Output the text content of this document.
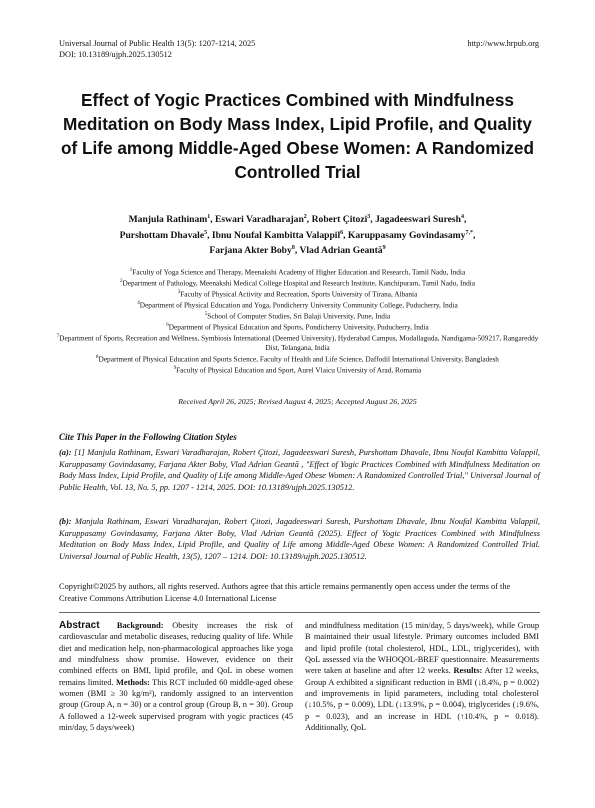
Universal Journal of Public Health 13(5): 1207-1214, 2025
DOI: 10.13189/ujph.2025.130512
http://www.hrpub.org
Effect of Yogic Practices Combined with Mindfulness Meditation on Body Mass Index, Lipid Profile, and Quality of Life among Middle-Aged Obese Women: A Randomized Controlled Trial
Manjula Rathinam$^1$, Eswari Varadharajan$^2$, Robert Çitozi$^3$, Jagadeeswari Suresh$^4$,
Purshottam Dhavale$^5$, Ibnu Noufal Kambitta Valappil$^6$, Karuppasamy Govindasamy$^{7,*}$,
Farjana Akter Boby$^8$, Vlad Adrian Geantă$^9$
$^1$Faculty of Yoga Science and Therapy, Meenakshi Academy of Higher Education and Research, Tamil Nadu, India
$^2$Department of Pathology, Meenakshi Medical College Hospital and Research Institute, Kanchipuram, Tamil Nadu, India
$^3$Faculty of Physical Activity and Recreation, Sports University of Tirana, Albania
$^4$Department of Physical Education and Yoga, Pondicherry University Community College, Puducherry, India
$^5$School of Computer Studies, Sri Balaji University, Pune, India
$^6$Department of Physical Education and Sports, Pondicherry University, Puducherry, India
$^7$Department of Sports, Recreation and Wellness, Symbiosis International (Deemed University), Hyderabad Campus, Modallaguda, Nandigama-509217, Rangareddy Dist, Telangana, India
$^8$Department of Physical Education and Sports Science, Faculty of Health and Life Science, Daffodil International University, Bangladesh
$^9$Faculty of Physical Education and Sport, Aurel Vlaicu University of Arad, Romania
Received April 26, 2025; Revised August 4, 2025; Accepted August 26, 2025
Cite This Paper in the Following Citation Styles
(a): [1] Manjula Rathinam, Eswari Varadharajan, Robert Çitozi, Jagadeeswari Suresh, Purshottam Dhavale, Ibnu Noufal Kambitta Valappil, Karuppasamy Govindasamy, Farjana Akter Boby, Vlad Adrian Geantă , "Effect of Yogic Practices Combined with Mindfulness Meditation on Body Mass Index, Lipid Profile, and Quality of Life among Middle-Aged Obese Women: A Randomized Controlled Trial," Universal Journal of Public Health, Vol. 13, No. 5, pp. 1207 - 1214, 2025. DOI: 10.13189/ujph.2025.130512.
(b): Manjula Rathinam, Eswari Varadharajan, Robert Çitozi, Jagadeeswari Suresh, Purshottam Dhavale, Ibnu Noufal Kambitta Valappil, Karuppasamy Govindasamy, Farjana Akter Boby, Vlad Adrian Geantă (2025). Effect of Yogic Practices Combined with Mindfulness Meditation on Body Mass Index, Lipid Profile, and Quality of Life among Middle-Aged Obese Women: A Randomized Controlled Trial. Universal Journal of Public Health, 13(5), 1207 – 1214. DOI: 10.13189/ujph.2025.130512.
Copyright©2025 by authors, all rights reserved. Authors agree that this article remains permanently open access under the terms of the Creative Commons Attribution License 4.0 International License
Abstract Background: Obesity increases the risk of cardiovascular and metabolic diseases, reducing quality of life. While diet and medication help, non-pharmacological approaches like yoga and mindfulness show promise. However, evidence on their combined effects on BMI, lipid profile, and QoL in obese women remains limited. Methods: This RCT included 60 middle-aged obese women (BMI ≥ 30 kg/m²), randomly assigned to an intervention group (Group A, n = 30) or a control group (Group B, n = 30). Group A followed a 12-week supervised program with yogic practices (45 min/day, 5 days/week)
and mindfulness meditation (15 min/day, 5 days/week), while Group B maintained their usual lifestyle. Primary outcomes included BMI and lipid profile (total cholesterol, HDL, LDL, triglycerides), with QoL assessed via the WHOQOL-BREF questionnaire. Measurements were taken at baseline and after 12 weeks. Results: After 12 weeks, Group A exhibited a significant reduction in BMI (↓8.4%, p = 0.002) and improvements in lipid parameters, including total cholesterol (↓10.5%, p = 0.009), LDL (↓13.9%, p = 0.004), triglycerides (↓9.6%, p = 0.023), and an increase in HDL (↑10.4%, p = 0.018). Additionally, QoL
